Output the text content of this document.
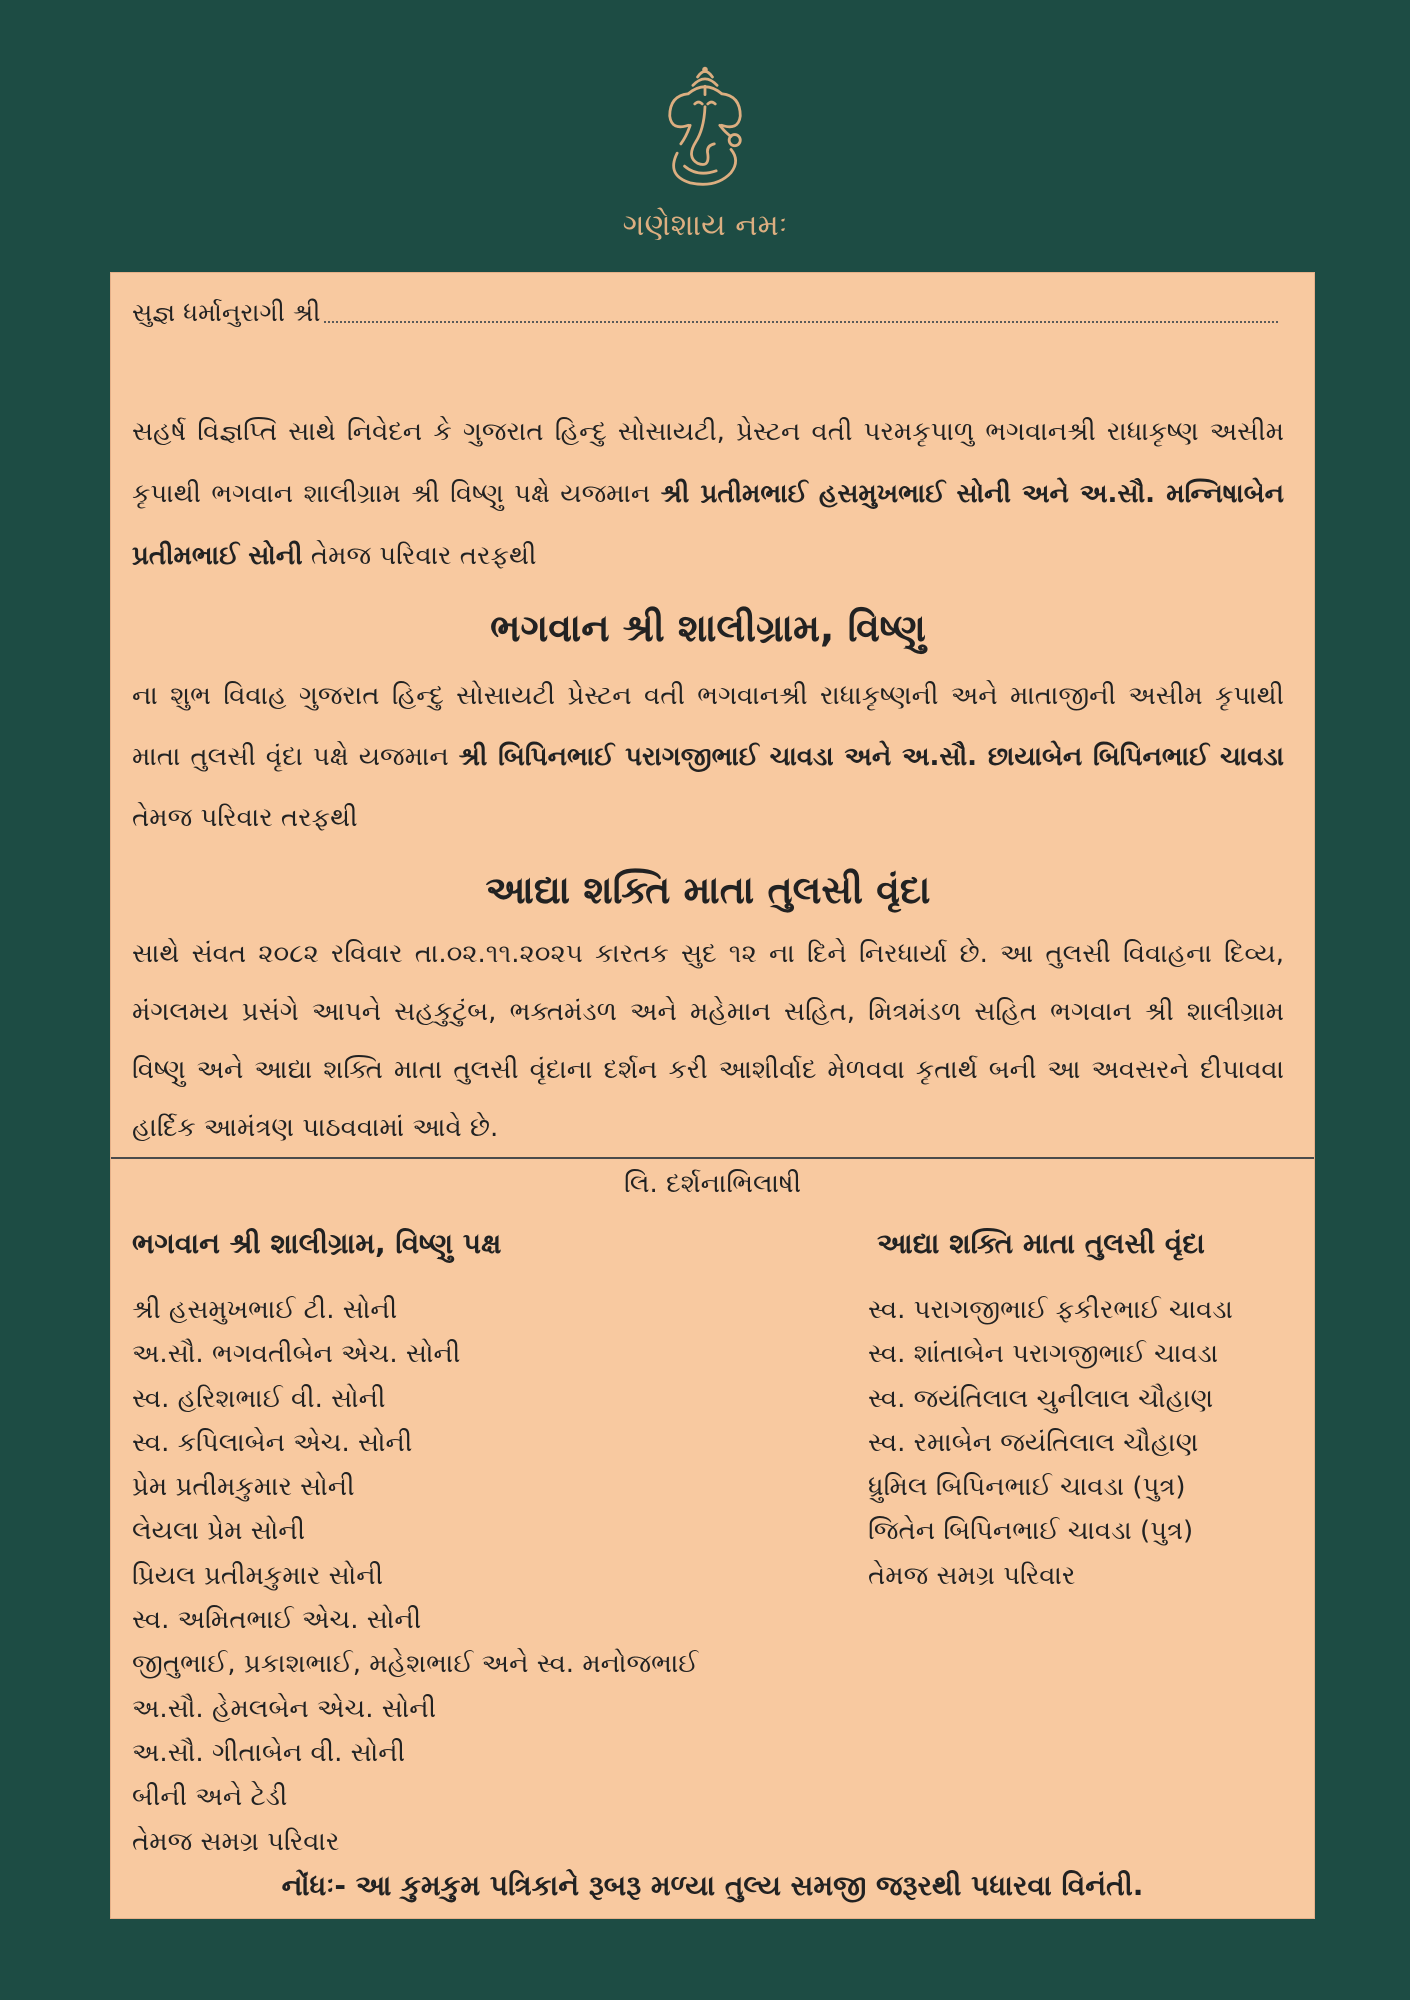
ગણેશાય નમઃ
સુજ્ઞ ધર્માનુરાગી શ્રી

સહર્ષ વિજ્ઞપ્તિ સાથે નિવેદન કે ગુજરાત હિન્દુ સોસાયટી, પ્રેસ્ટન વતી પરમકૃપાળુ ભગવાનશ્રી રાધાકૃષ્ણ અસીમ કૃપાથી ભગવાન શાલીગ્રામ શ્રી વિષ્ણુ પક્ષે યજમાન શ્રી પ્રતીમભાઈ હસમુખભાઈ સોની અને અ.સૌ. મન્નિષાબેન પ્રતીમભાઈ સોની તેમજ પરિવાર તરફથી

ભગવાન શ્રી શાલીગ્રામ, વિષ્ણુ

ના શુભ વિવાહ ગુજરાત હિન્દુ સોસાયટી પ્રેસ્ટન વતી ભગવાનશ્રી રાધાકૃષ્ણની અને માતાજીની અસીમ કૃપાથી માતા તુલસી વૃંદા પક્ષે યજમાન શ્રી બિપિનભાઈ પરાગજીભાઈ ચાવડા અને અ.સૌ. છાયાબેન બિપિનભાઈ ચાવડા તેમજ પરિવાર તરફથી

આદ્યા શક્તિ માતા તુલસી વૃંદા

સાથે સંવત ૨૦૮૨ રવિવાર તા.૦૨.૧૧.૨૦૨૫ કારતક સુદ ૧૨ ના દિને નિરધાર્યા છે. આ તુલસી વિવાહના દિવ્ય, મંગલમય પ્રસંગે આપને સહકુટુંબ, ભક્તમંડળ અને મહેમાન સહિત, મિત્રમંડળ સહિત ભગવાન શ્રી શાલીગ્રામ વિષ્ણુ અને આદ્યા શક્તિ માતા તુલસી વૃંદાના દર્શન કરી આશીર્વાદ મેળવવા કૃતાર્થ બની આ અવસરને દીપાવવા હાર્દિક આમંત્રણ પાઠવવામાં આવે છે.

લિ. દર્શનાભિલાષી
ભગવાન શ્રી શાલીગ્રામ, વિષ્ણુ પક્ષ
શ્રી હસમુખભાઈ ટી. સોની
અ.સૌ. ભગવતીબેન એચ. સોની
સ્વ. હરિશભાઈ વી. સોની
સ્વ. કપિલાબેન એચ. સોની
પ્રેમ પ્રતીમકુમાર સોની
લેયલા પ્રેમ સોની
પ્રિયલ પ્રતીમકુમાર સોની
સ્વ. અમિતભાઈ એચ. સોની
જીતુભાઈ, પ્રકાશભાઈ, મહેશભાઈ અને સ્વ. મનોજભાઈ
અ.સૌ. હેમલબેન એચ. સોની
અ.સૌ. ગીતાબેન વી. સોની
બીની અને ટેડી
તેમજ સમગ્ર પરિવાર
આદ્યા શક્તિ માતા તુલસી વૃંદા
સ્વ. પરાગજીભાઈ ફકીરભાઈ ચાવડા
સ્વ. શાંતાબેન પરાગજીભાઈ ચાવડા
સ્વ. જયંતિલાલ ચુનીલાલ ચૌહાણ
સ્વ. રમાબેન જયંતિલાલ ચૌહાણ
ધ્રુમિલ બિપિનભાઈ ચાવડા (પુત્ર)
જિતેન બિપિનભાઈ ચાવડા (પુત્ર)
તેમજ સમગ્ર પરિવાર
નોંધઃ- આ કુમકુમ પત્રિકાને રૂબરૂ મળ્યા તુલ્ય સમજી જરૂરથી પધારવા વિનંતી.
